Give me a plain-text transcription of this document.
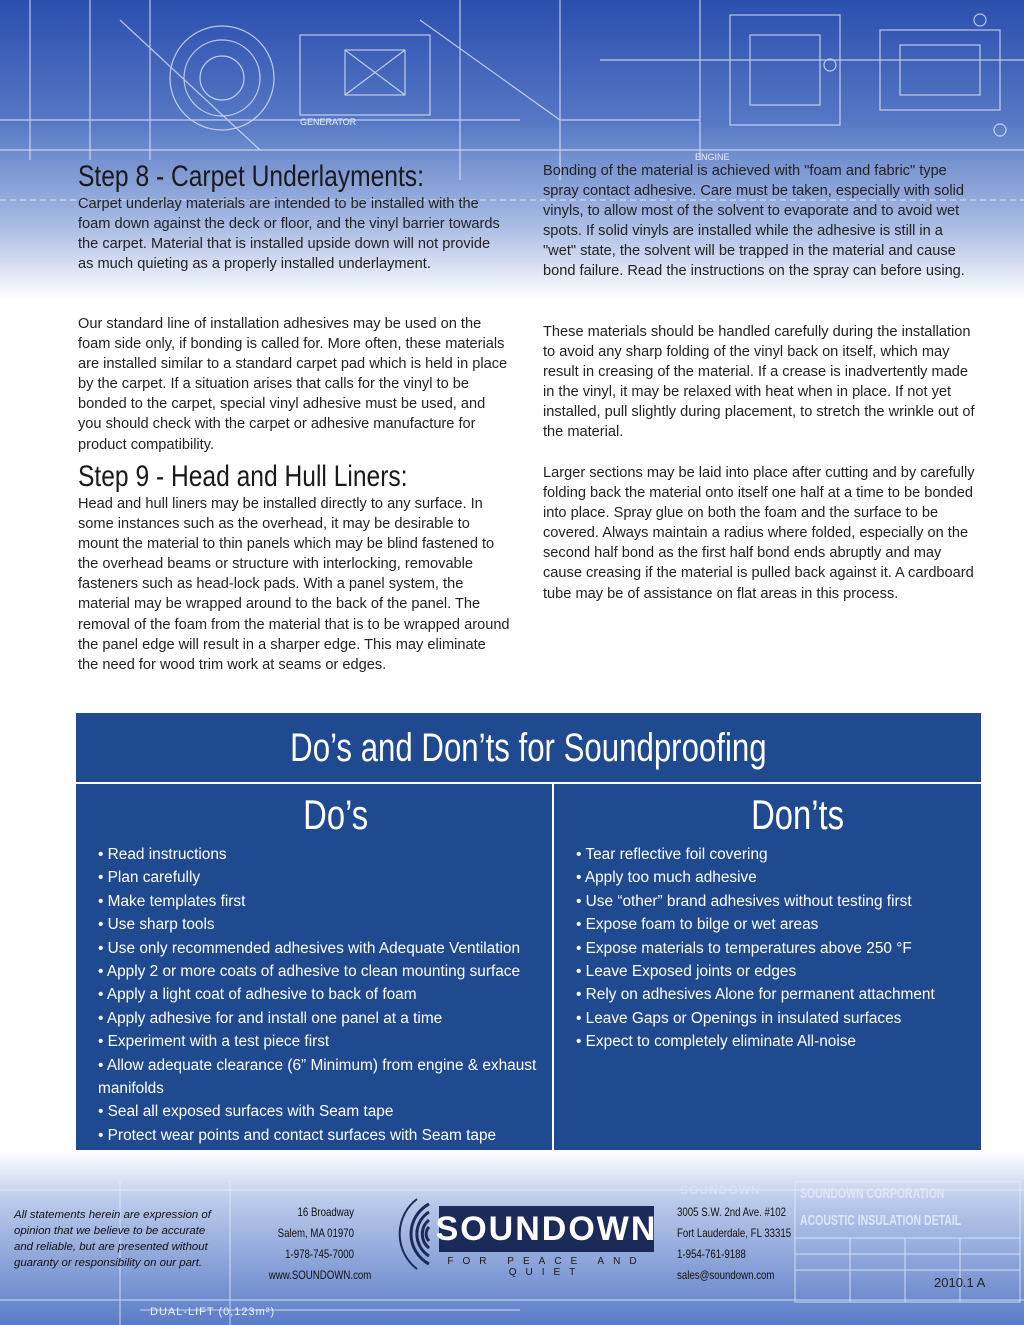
GENERATOR
ENGINE
Step 8 - Carpet Underlayments:

Carpet underlay materials are intended to be installed with the foam down against the deck or floor, and the vinyl barrier towards the carpet. Material that is installed upside down will not provide as much quieting as a properly installed underlayment.

Our standard line of installation adhesives may be used on the foam side only, if bonding is called for. More often, these materials are installed similar to a standard carpet pad which is held in place by the carpet. If a situation arises that calls for the vinyl to be bonded to the carpet, special vinyl adhesive must be used, and you should check with the carpet or adhesive manufacture for product compatibility.

Step 9 - Head and Hull Liners:

Head and hull liners may be installed directly to any surface. In some instances such as the overhead, it may be desirable to mount the material to thin panels which may be blind fastened to the overhead beams or structure with interlocking, removable fasteners such as head-lock pads. With a panel system, the material may be wrapped around to the back of the panel. The removal of the foam from the material that is to be wrapped around the panel edge will result in a sharper edge. This may eliminate the need for wood trim work at seams or edges.

Bonding of the material is achieved with "foam and fabric" type spray contact adhesive. Care must be taken, especially with solid vinyls, to allow most of the solvent to evaporate and to avoid wet spots. If solid vinyls are installed while the adhesive is still in a "wet" state, the solvent will be trapped in the material and cause bond failure. Read the instructions on the spray can before using.

These materials should be handled carefully during the installation to avoid any sharp folding of the vinyl back on itself, which may result in creasing of the material. If a crease is inadvertently made in the vinyl, it may be relaxed with heat when in place. If not yet installed, pull slightly during placement, to stretch the wrinkle out of the material.

Larger sections may be laid into place after cutting and by carefully folding back the material onto itself one half at a time to be bonded into place. Spray glue on both the foam and the surface to be covered. Always maintain a radius where folded, especially on the second half bond as the first half bond ends abruptly and may cause creasing if the material is pulled back against it. A cardboard tube may be of assistance on flat areas in this process.

Do’s and Don’ts for Soundproofing
Do’s	Don’ts
• Read instructions
• Plan carefully
• Make templates first
• Use sharp tools
• Use only recommended adhesives with Adequate Ventilation
• Apply 2 or more coats of adhesive to clean mounting surface
• Apply a light coat of adhesive to back of foam
• Apply adhesive for and install one panel at a time
• Experiment with a test piece first
• Allow adequate clearance (6” Minimum) from engine & exhaust manifolds
• Seal all exposed surfaces with Seam tape
• Protect wear points and contact surfaces with Seam tape
•
• Tear reflective foil covering
• Apply too much adhesive
• Use “other” brand adhesives without testing first
• Expose foam to bilge or wet areas
• Expose materials to temperatures above 250 °F
• Leave Exposed joints or edges
• Rely on adhesives Alone for permanent attachment
• Leave Gaps or Openings in insulated surfaces
• Expect to completely eliminate All-noise
SOUNDOWN	SOUNDOWN CORPORATION
ACOUSTIC INSULATION DETAIL
DUAL-LIFT (0,123m²)

All statements herein are expression of opinion that we believe to be accurate and reliable, but are presented without guaranty or responsibility on our part.

16 Broadway
Salem, MA 01970
1-978-745-7000
www.SOUNDOWN.com
SOUNDOWN
FOR PEACE AND QUIET
3005 S.W. 2nd Ave. #102
Fort Lauderdale, FL 33315
1-954-761-9188
sales@soundown.com	2010.1 A
